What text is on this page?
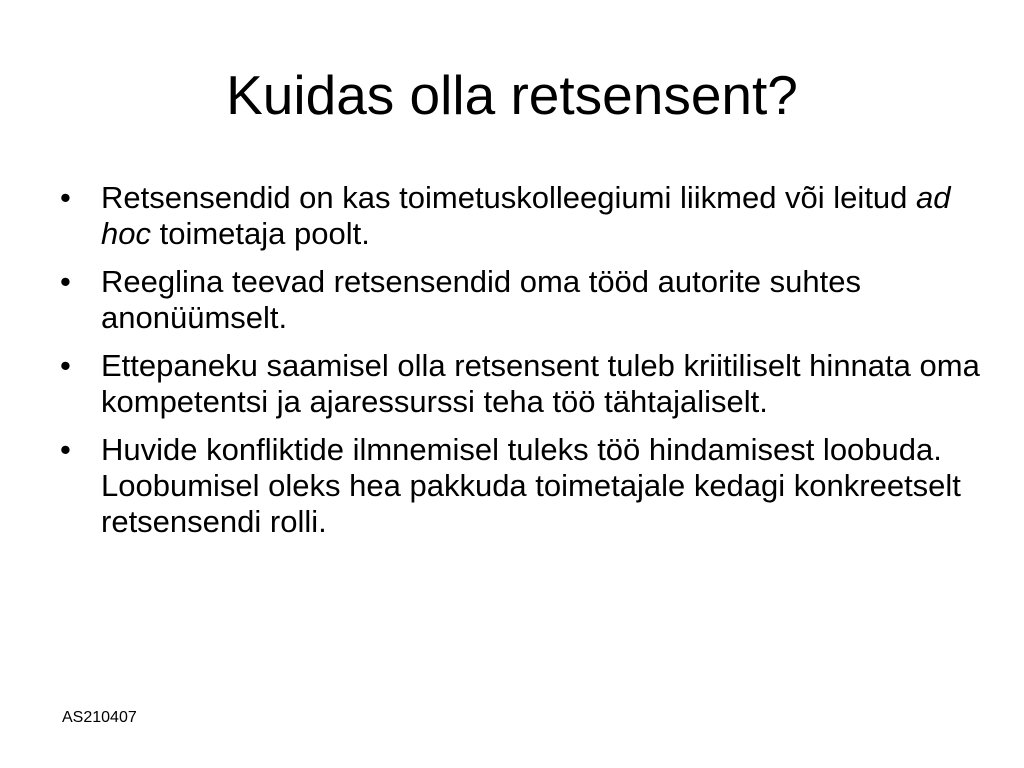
Kuidas olla retsensent?
• Retsensendid on kas toimetuskolleegiumi liikmed või leitud ad hoc toimetaja poolt.
• Reeglina teevad retsensendid oma tööd autorite suhtes anonüümselt.
• Ettepaneku saamisel olla retsensent tuleb kriitiliselt hinnata oma kompetentsi ja ajaressurssi teha töö tähtajaliselt.
• Huvide konfliktide ilmnemisel tuleks töö hindamisest loobuda. Loobumisel oleks hea pakkuda toimetajale kedagi konkreetselt retsensendi rolli.
AS210407
